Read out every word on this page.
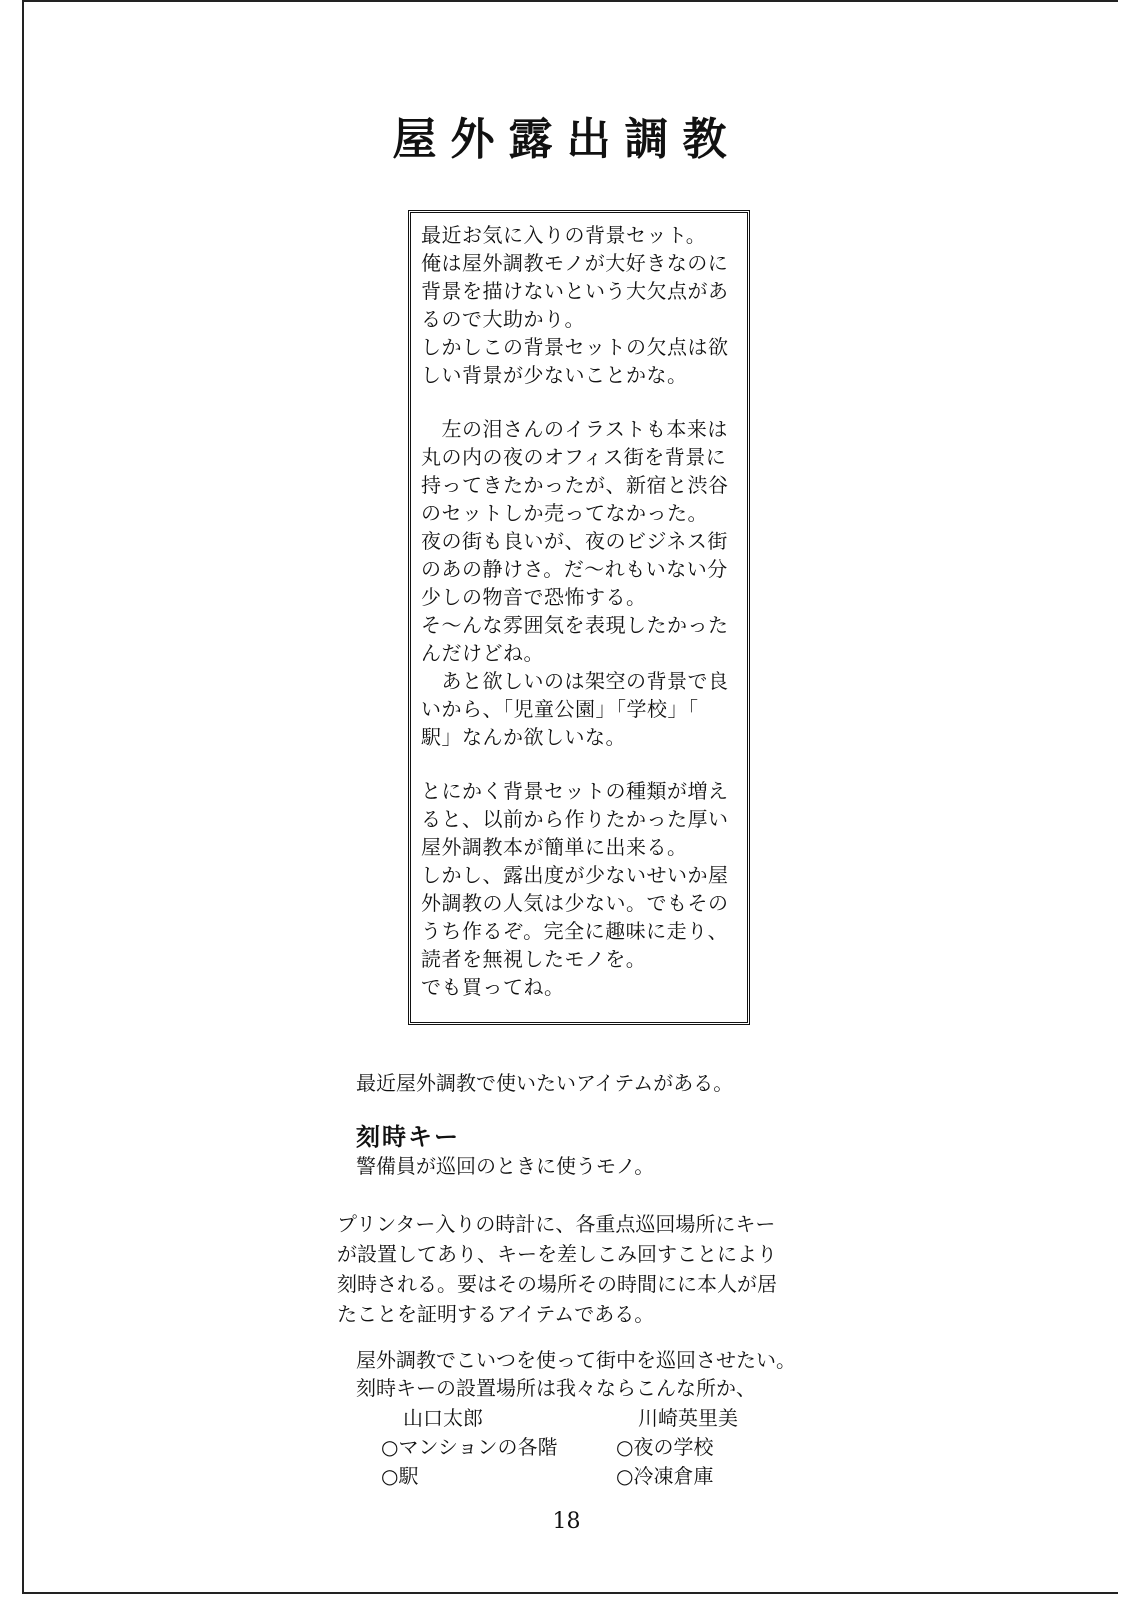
屋外露出調教
最近お気に入りの背景セット。
俺は屋外調教モノが大好きなのに
背景を描けないという大欠点があ
るので大助かり。
しかしこの背景セットの欠点は欲
しい背景が少ないことかな。
　左の泪さんのイラストも本来は
丸の内の夜のオフィス街を背景に
持ってきたかったが、新宿と渋谷
のセットしか売ってなかった。
夜の街も良いが、夜のビジネス街
のあの静けさ。だ〜れもいない分
少しの物音で恐怖する。
そ〜んな雰囲気を表現したかった
んだけどね。
　あと欲しいのは架空の背景で良
いから、「児童公園」「学校」「
駅」なんか欲しいな。
とにかく背景セットの種類が増え
ると、以前から作りたかった厚い
屋外調教本が簡単に出来る。
しかし、露出度が少ないせいか屋
外調教の人気は少ない。でもその
うち作るぞ。完全に趣味に走り、
読者を無視したモノを。
でも買ってね。

最近屋外調教で使いたいアイテムがある。

刻時キー

警備員が巡回のときに使うモノ。

プリンター入りの時計に、各重点巡回場所にキー
が設置してあり、キーを差しこみ回すことにより
刻時される。要はその場所その時間にに本人が居
たことを証明するアイテムである。
屋外調教でこいつを使って街中を巡回させたい。
刻時キーの設置場所は我々ならこんな所か、
山口太郎
○マンションの各階
○駅
川崎英里美
○夜の学校
○冷凍倉庫

18
